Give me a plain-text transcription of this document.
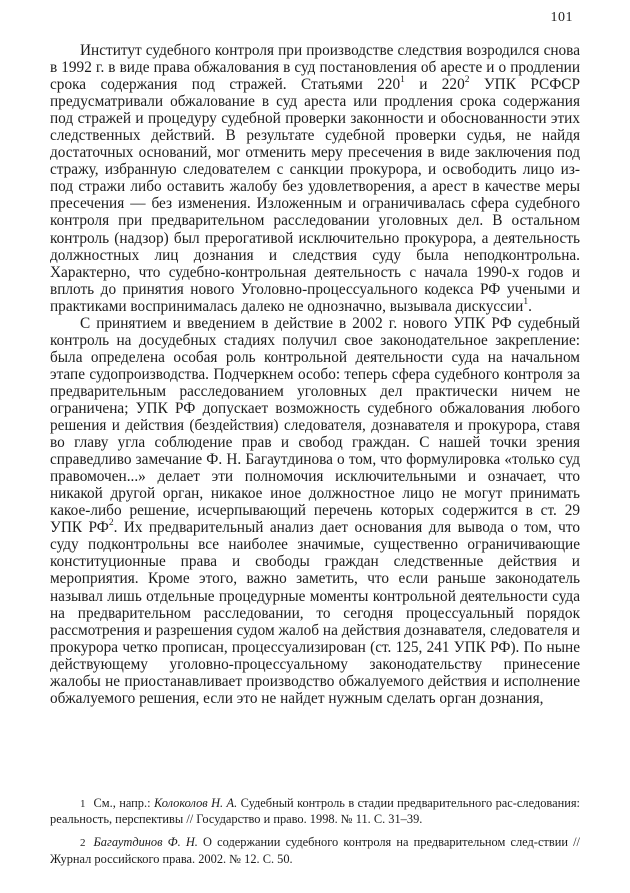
101

Институт судебного контроля при производстве следствия возродился снова в 1992 г. в виде права обжалования в суд постановления об аресте и о продлении срока содержания под стражей. Статьями $220^1$ и $220^2$ УПК РСФСР предусматривали обжалование в суд ареста или продления срока содержания под стражей и процедуру судебной проверки законности и обоснованности этих следственных действий. В результате судебной проверки судья, не найдя достаточных оснований, мог отменить меру пресечения в виде заключения под стражу, избранную следователем с санкции прокурора, и освободить лицо из-под стражи либо оставить жалобу без удовлетворения, а арест в качестве меры пресечения — без изменения. Изложенным и ограничивалась сфера судебного контроля при предварительном расследовании уголовных дел. В остальном контроль (надзор) был прерогативой исключительно прокурора, а деятельность должностных лиц дознания и следствия суду была неподконтрольна. Характерно, что судебно-контрольная деятельность с начала 1990-х годов и вплоть до принятия нового Уголовно-процессуального кодекса РФ учеными и практиками воспринималась далеко не однозначно, вызывала дискуссии$^1$.

С принятием и введением в действие в 2002 г. нового УПК РФ судебный контроль на досудебных стадиях получил свое законодательное закрепление: была определена особая роль контрольной деятельности суда на начальном этапе судопроизводства. Подчеркнем особо: теперь сфера судебного контроля за предварительным расследованием уголовных дел практически ничем не ограничена; УПК РФ допускает возможность судебного обжалования любого решения и действия (бездействия) следователя, дознавателя и прокурора, ставя во главу угла соблюдение прав и свобод граждан. С нашей точки зрения справедливо замечание Ф. Н. Багаутдинова о том, что формулировка «только суд правомочен...» делает эти полномочия исключительными и означает, что никакой другой орган, никакое иное должностное лицо не могут принимать какое-либо решение, исчерпывающий перечень которых содержится в ст. 29 УПК $РФ^2$. Их предварительный анализ дает основания для вывода о том, что суду подконтрольны все наиболее значимые, существенно ограничивающие конституционные права и свободы граждан следственные действия и мероприятия. Кроме этого, важно заметить, что если раньше законодатель называл лишь отдельные процедурные моменты контрольной деятельности суда на предварительном расследовании, то сегодня процессуальный порядок рассмотрения и разрешения судом жалоб на действия дознавателя, следователя и прокурора четко прописан, процессуализирован (ст. 125, 241 УПК РФ). По ныне действующему уголовно-процессуальному законодательству принесение жалобы не приостанавливает производство обжалуемого действия и исполнение обжалуемого решения, если это не найдет нужным сделать орган дознания,

1 См., напр.: Колоколов Н. А. Судебный контроль в стадии предварительного рас-следования: реальность, перспективы // Государство и право. 1998. № 11. С. 31–39.

2 Багаутдинов Ф. Н. О содержании судебного контроля на предварительном след-ствии // Журнал российского права. 2002. № 12. С. 50.
